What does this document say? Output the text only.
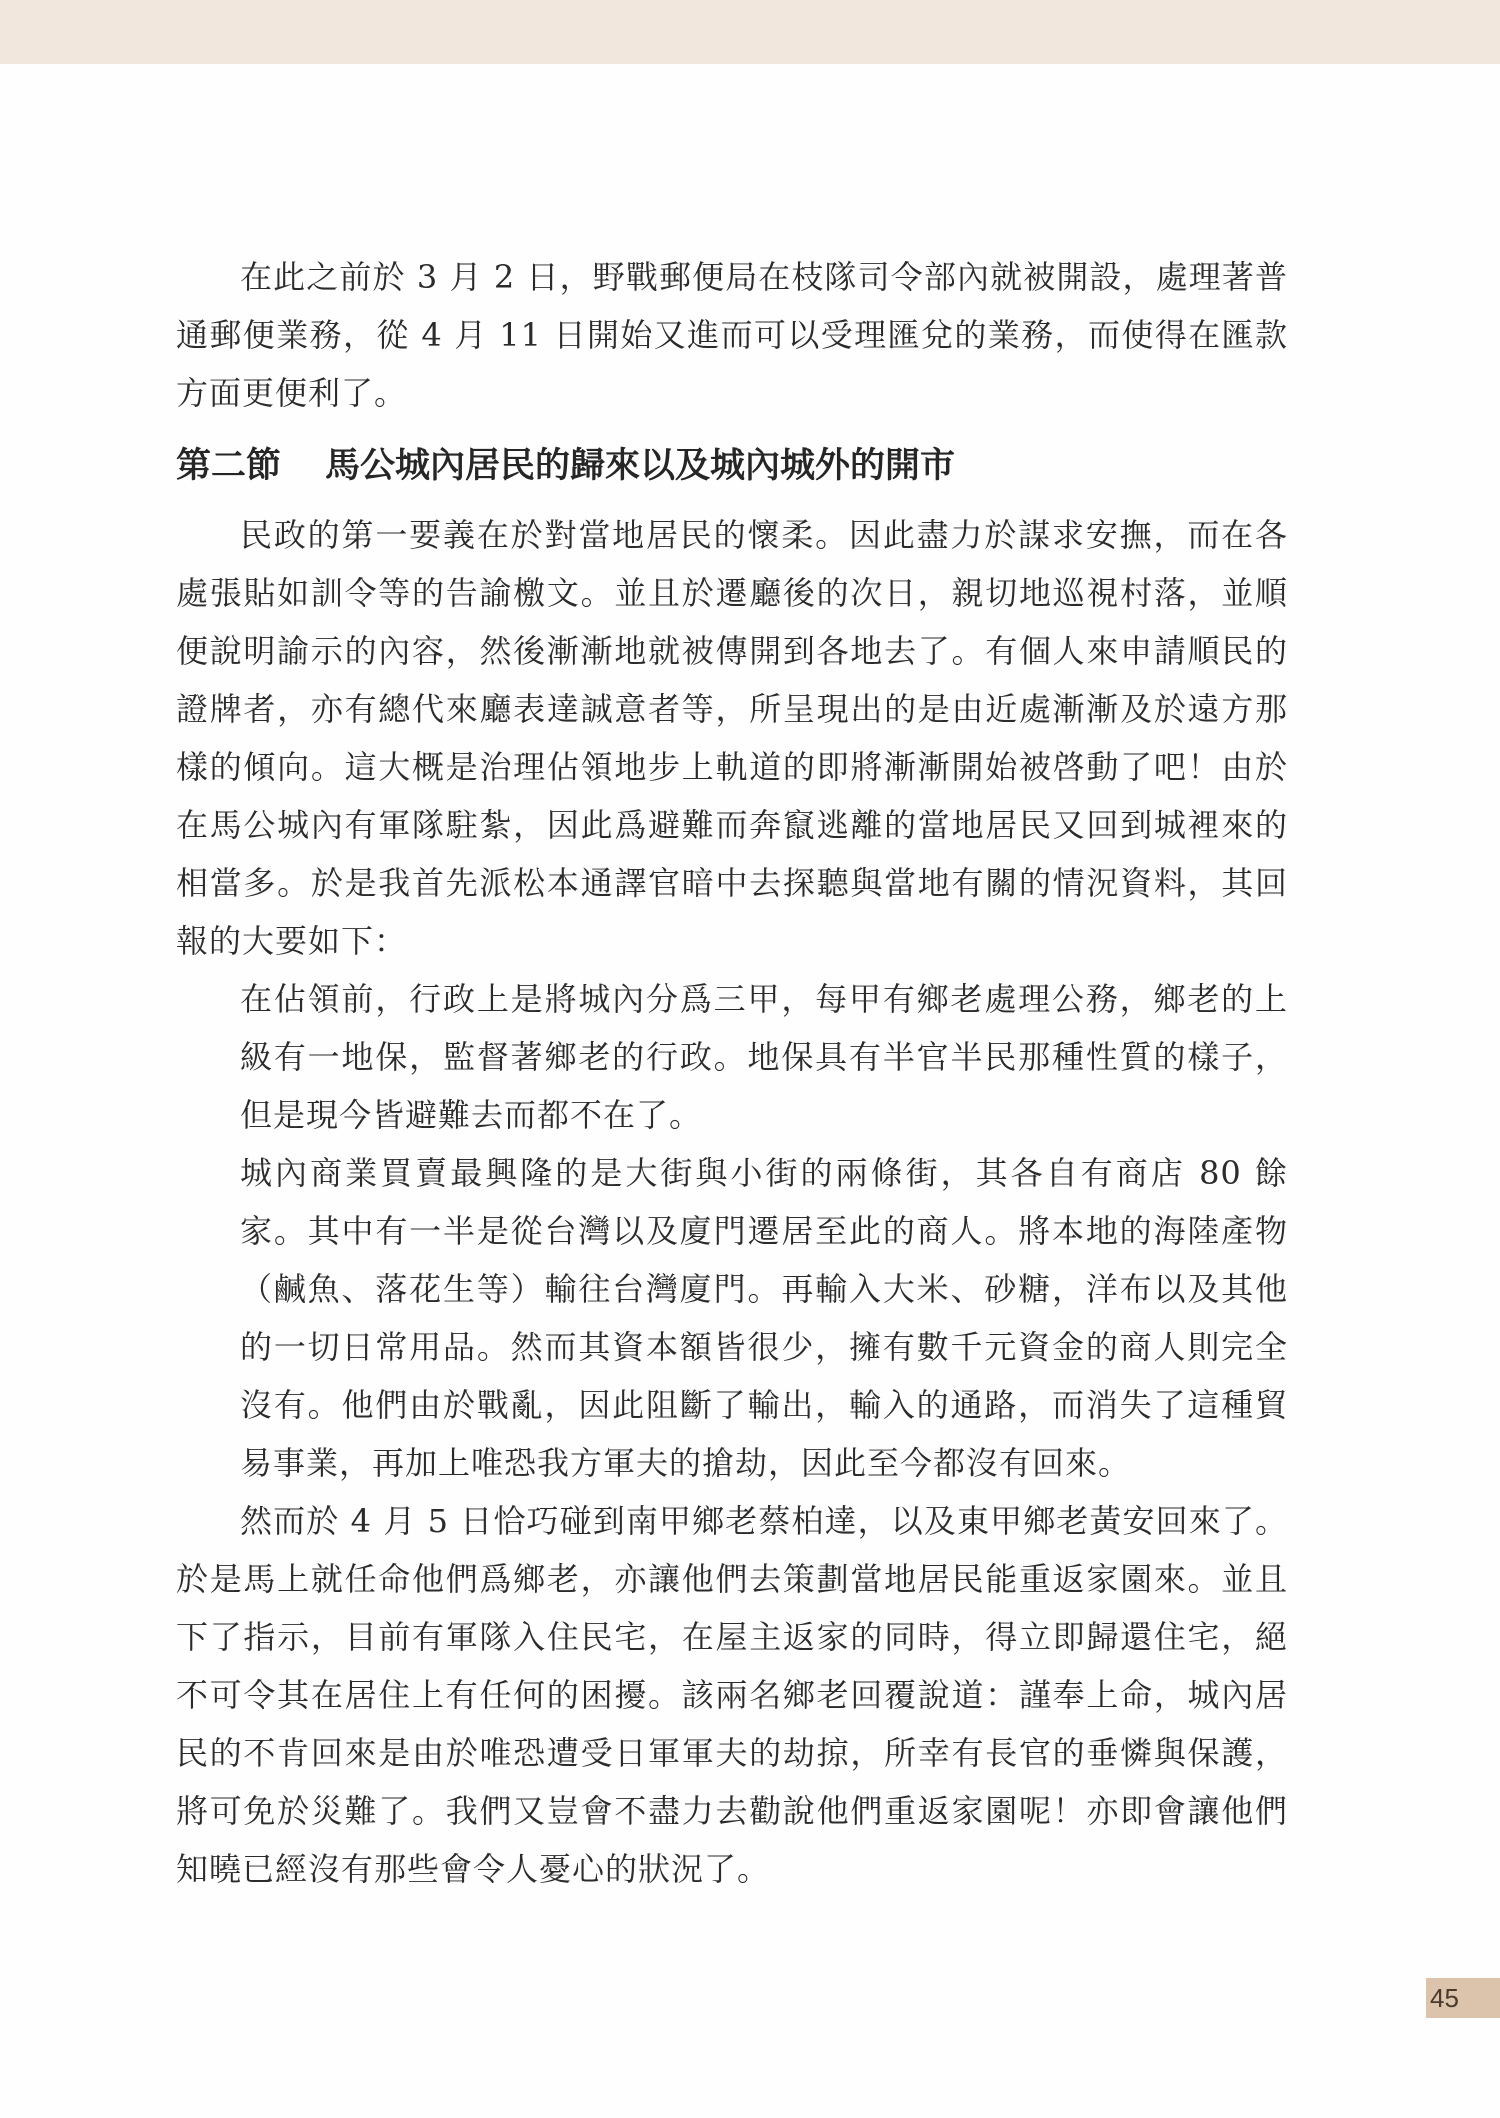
在此之前於 3 月 2 日，野戰郵便局在枝隊司令部內就被開設，處理著普通郵便業務，從 4 月 11 日開始又進而可以受理匯兌的業務，而使得在匯款方面更便利了。

第二節 馬公城內居民的歸來以及城內城外的開市

民政的第一要義在於對當地居民的懷柔。因此盡力於謀求安撫，而在各處張貼如訓令等的告諭檄文。並且於遷廳後的次日，親切地巡視村落，並順便說明諭示的內容，然後漸漸地就被傳開到各地去了。有個人來申請順民的證牌者，亦有總代來廳表達誠意者等，所呈現出的是由近處漸漸及於遠方那樣的傾向。這大概是治理佔領地步上軌道的即將漸漸開始被啓動了吧！由於在馬公城內有軍隊駐紮，因此爲避難而奔竄逃離的當地居民又回到城裡來的相當多。於是我首先派松本通譯官暗中去探聽與當地有關的情況資料，其回報的大要如下：

在佔領前，行政上是將城內分爲三甲，每甲有鄉老處理公務，鄉老的上級有一地保，監督著鄉老的行政。地保具有半官半民那種性質的樣子，但是現今皆避難去而都不在了。

城內商業買賣最興隆的是大街與小街的兩條街，其各自有商店 80 餘家。其中有一半是從台灣以及廈門遷居至此的商人。將本地的海陸產物（鹹魚、落花生等）輸往台灣廈門。再輸入大米、砂糖，洋布以及其他的一切日常用品。然而其資本額皆很少，擁有數千元資金的商人則完全沒有。他們由於戰亂，因此阻斷了輸出，輸入的通路，而消失了這種貿易事業，再加上唯恐我方軍夫的搶劫，因此至今都沒有回來。

然而於 4 月 5 日恰巧碰到南甲鄉老蔡柏達，以及東甲鄉老黃安回來了。於是馬上就任命他們爲鄉老，亦讓他們去策劃當地居民能重返家園來。並且下了指示，目前有軍隊入住民宅，在屋主返家的同時，得立即歸還住宅，絕不可令其在居住上有任何的困擾。該兩名鄉老回覆說道：謹奉上命，城內居民的不肯回來是由於唯恐遭受日軍軍夫的劫掠，所幸有長官的垂憐與保護，將可免於災難了。我們又豈會不盡力去勸說他們重返家園呢！亦即會讓他們知曉已經沒有那些會令人憂心的狀況了。

45
